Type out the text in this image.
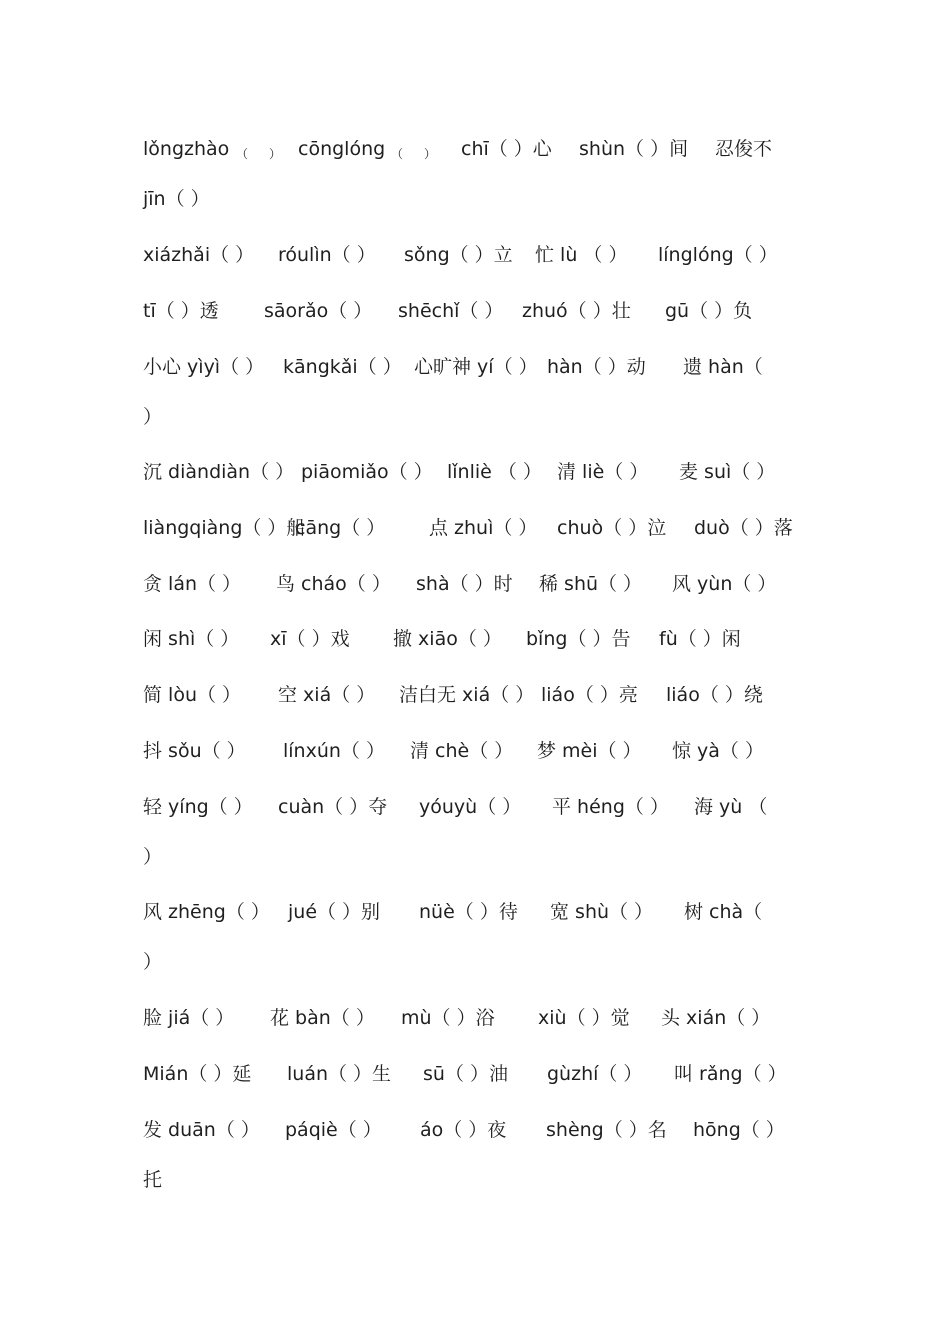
lǒngzhào （ ） cōnglóng （ ） chī（ ）心 shùn（ ）间 忍俊不
jīn（ ）
xiázhǎi（ ） róulìn（ ） sǒng（ ）立 忙 lù （ ） línglóng（ ）
tī（ ）透 sāorǎo（ ） shēchǐ（ ） zhuó（ ）壮 gū（ ）负
小心 yìyì（ ） kāngkǎi（ ） 心旷神 yí（ ） hàn（ ）动 遗 hàn（
）
沉 diàndiàn（ ） piāomiǎo（ ） lǐnliè （ ） 清 liè（ ） 麦 suì（ ）
liàngqiàng（ ）船
cāng（ ） 点 zhuì（ ） chuò（ ）泣 duò（ ）落
贪 lán（ ） 鸟 cháo（ ） shà（ ）时 稀 shū（ ） 风 yùn（ ）
闲 shì（ ） xī（ ）戏 撤 xiāo（ ） bǐng（ ）告 fù（ ）闲
简 lòu（ ） 空 xiá（ ） 洁白无 xiá（ ） liáo（ ）亮 liáo（ ）绕
抖 sǒu（ ） línxún（ ） 清 chè（ ） 梦 mèi（ ） 惊 yà（ ）
轻 yíng（ ） cuàn（ ）夺 yóuyù（ ） 平 héng（ ） 海 yù （
）
风 zhēng（ ） jué（ ）别 nüè（ ）待 宽 shù（ ） 树 chà（
）
脸 jiá（ ） 花 bàn（ ） mù（ ）浴 xiù（ ）觉 头 xián（ ）
Mián（ ）延 luán（ ）生 sū（ ）油 gùzhí（ ） 叫 rǎng（ ）
发 duān（ ） páqiè（ ） áo（ ）夜 shèng（ ）名 hōng（ ）
托
